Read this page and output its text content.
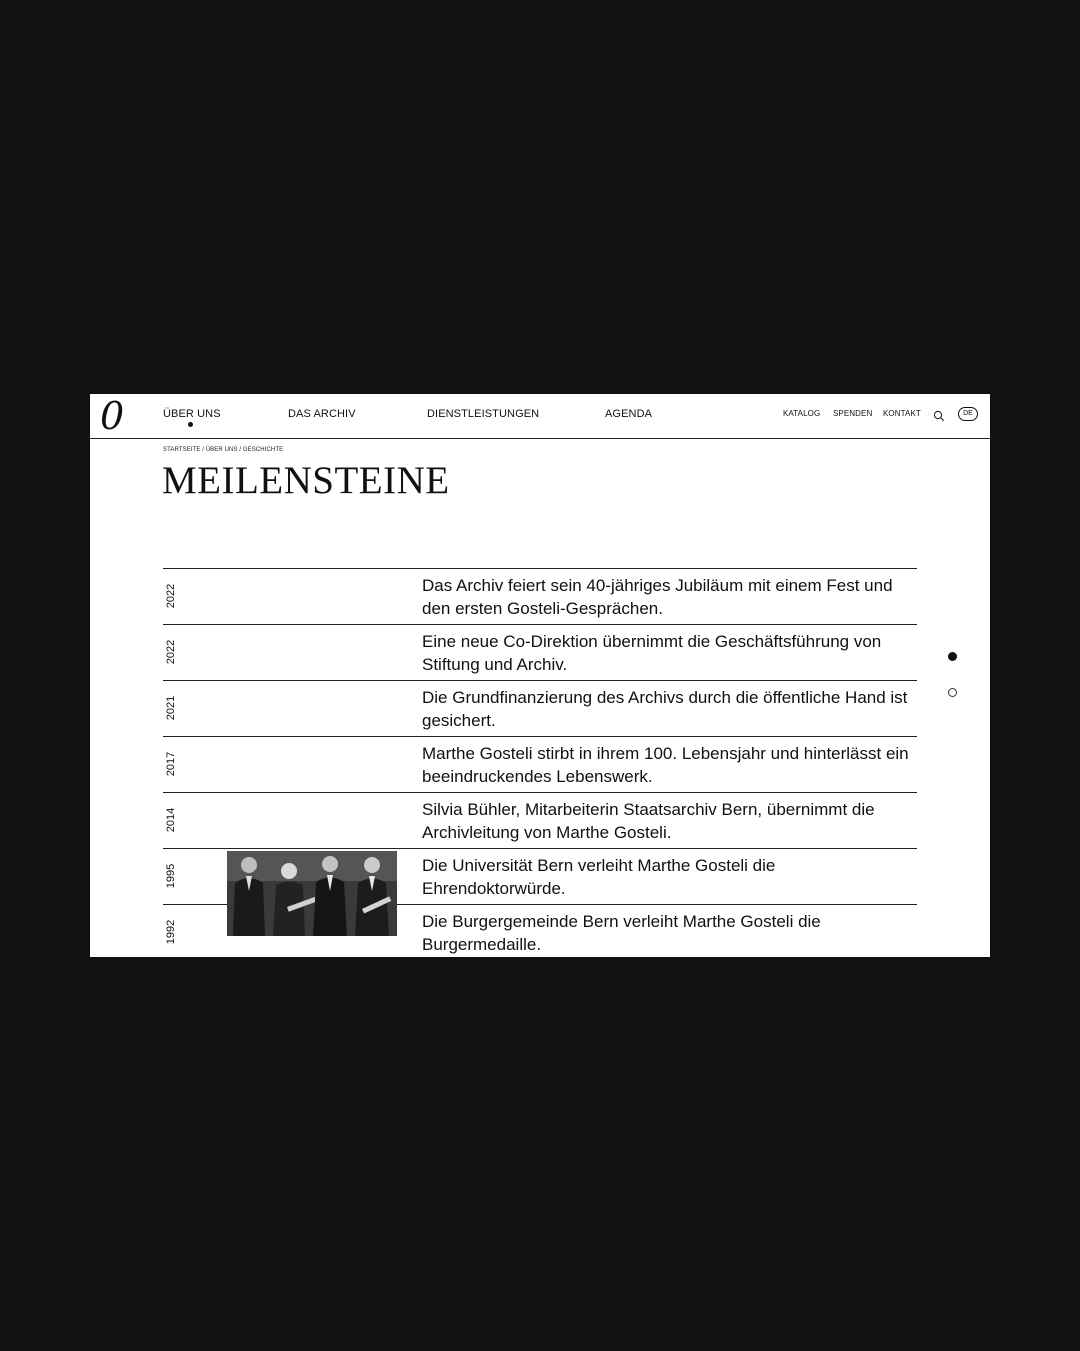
0	ÜBER UNS	DAS ARCHIV	DIENSTLEISTUNGEN	AGENDA	KATALOG SPENDEN KONTAKT	DE
STARTSEITE / ÜBER UNS / GESCHICHTE
MEILENSTEINE
2022	Das Archiv feiert sein 40-jähriges Jubiläum mit einem Fest und den ersten Gosteli-Gesprächen.
2022	Eine neue Co-Direktion übernimmt die Geschäftsführung von Stiftung und Archiv.
2021	Die Grundfinanzierung des Archivs durch die öffentliche Hand ist gesichert.
2017	Marthe Gosteli stirbt in ihrem 100. Lebensjahr und hinterlässt ein beeindruckendes Lebenswerk.
2014	Silvia Bühler, Mitarbeiterin Staatsarchiv Bern, übernimmt die Archivleitung von Marthe Gosteli.
1995	Die Universität Bern verleiht Marthe Gosteli die Ehrendoktorwürde.
1992	Die Burgergemeinde Bern verleiht Marthe Gosteli die Burgermedaille.
